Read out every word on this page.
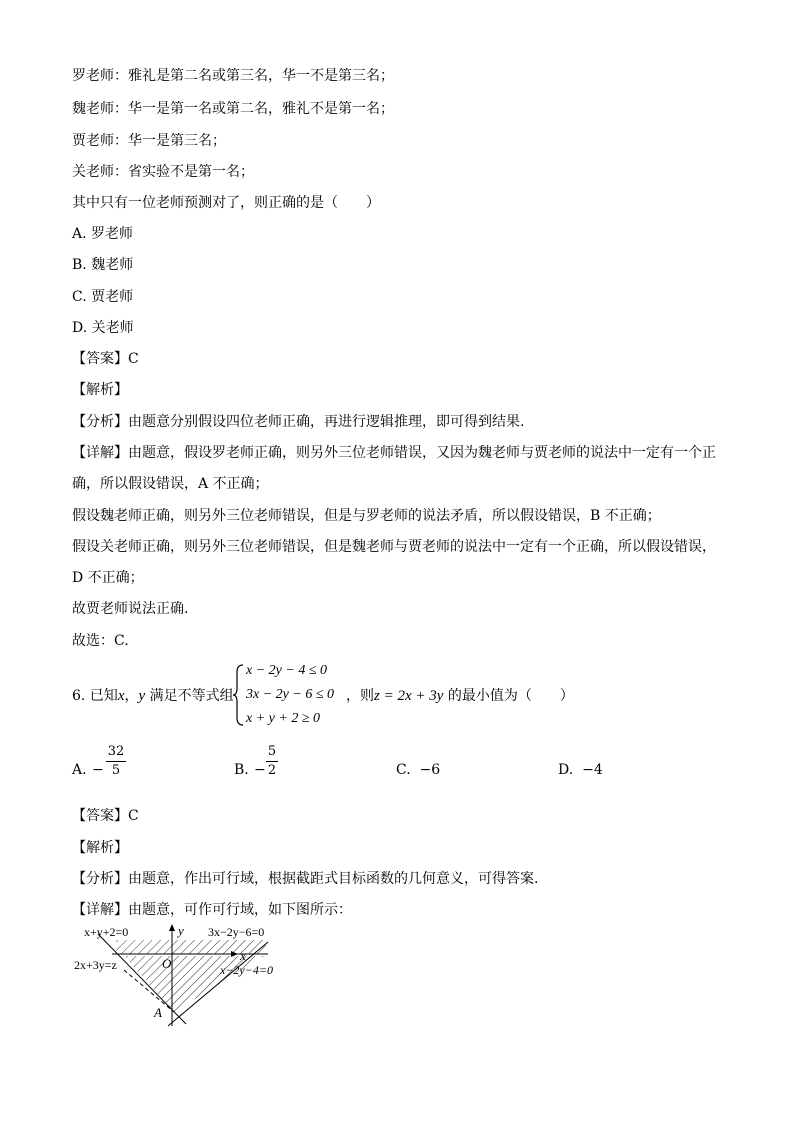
罗老师：雅礼是第二名或第三名，华一不是第三名；
魏老师：华一是第一名或第二名，雅礼不是第一名；
贾老师：华一是第三名；
关老师：省实验不是第一名；
其中只有一位老师预测对了，则正确的是（　　）
A. 罗老师
B. 魏老师
C. 贾老师
D. 关老师
【答案】C
【解析】
【分析】由题意分别假设四位老师正确，再进行逻辑推理，即可得到结果.
【详解】由题意，假设罗老师正确，则另外三位老师错误，又因为魏老师与贾老师的说法中一定有一个正
确，所以假设错误，A 不正确；
假设魏老师正确，则另外三位老师错误，但是与罗老师的说法矛盾，所以假设错误，B 不正确；
假设关老师正确，则另外三位老师错误，但是魏老师与贾老师的说法中一定有一个正确，所以假设错误，
D 不正确；
故贾老师说法正确.
故选：C.
6. 已知x，y 满足不等式组
x − 2y − 4 ≤ 0
3x − 2y − 6 ≤ 0
x + y + 2 ≥ 0
，则z = 2x + 3y 的最小值为（　　）
A. −
32
5	B. −
5
2	C. −6	D. −4
【答案】C
【解析】
【分析】由题意，作出可行域，根据截距式目标函数的几何意义，可得答案.
【详解】由题意，可作可行域，如下图所示：
x+y+2=0	3x−2y−6=0
2x+3y=z	x−2y−4=0
x
y
O
A
